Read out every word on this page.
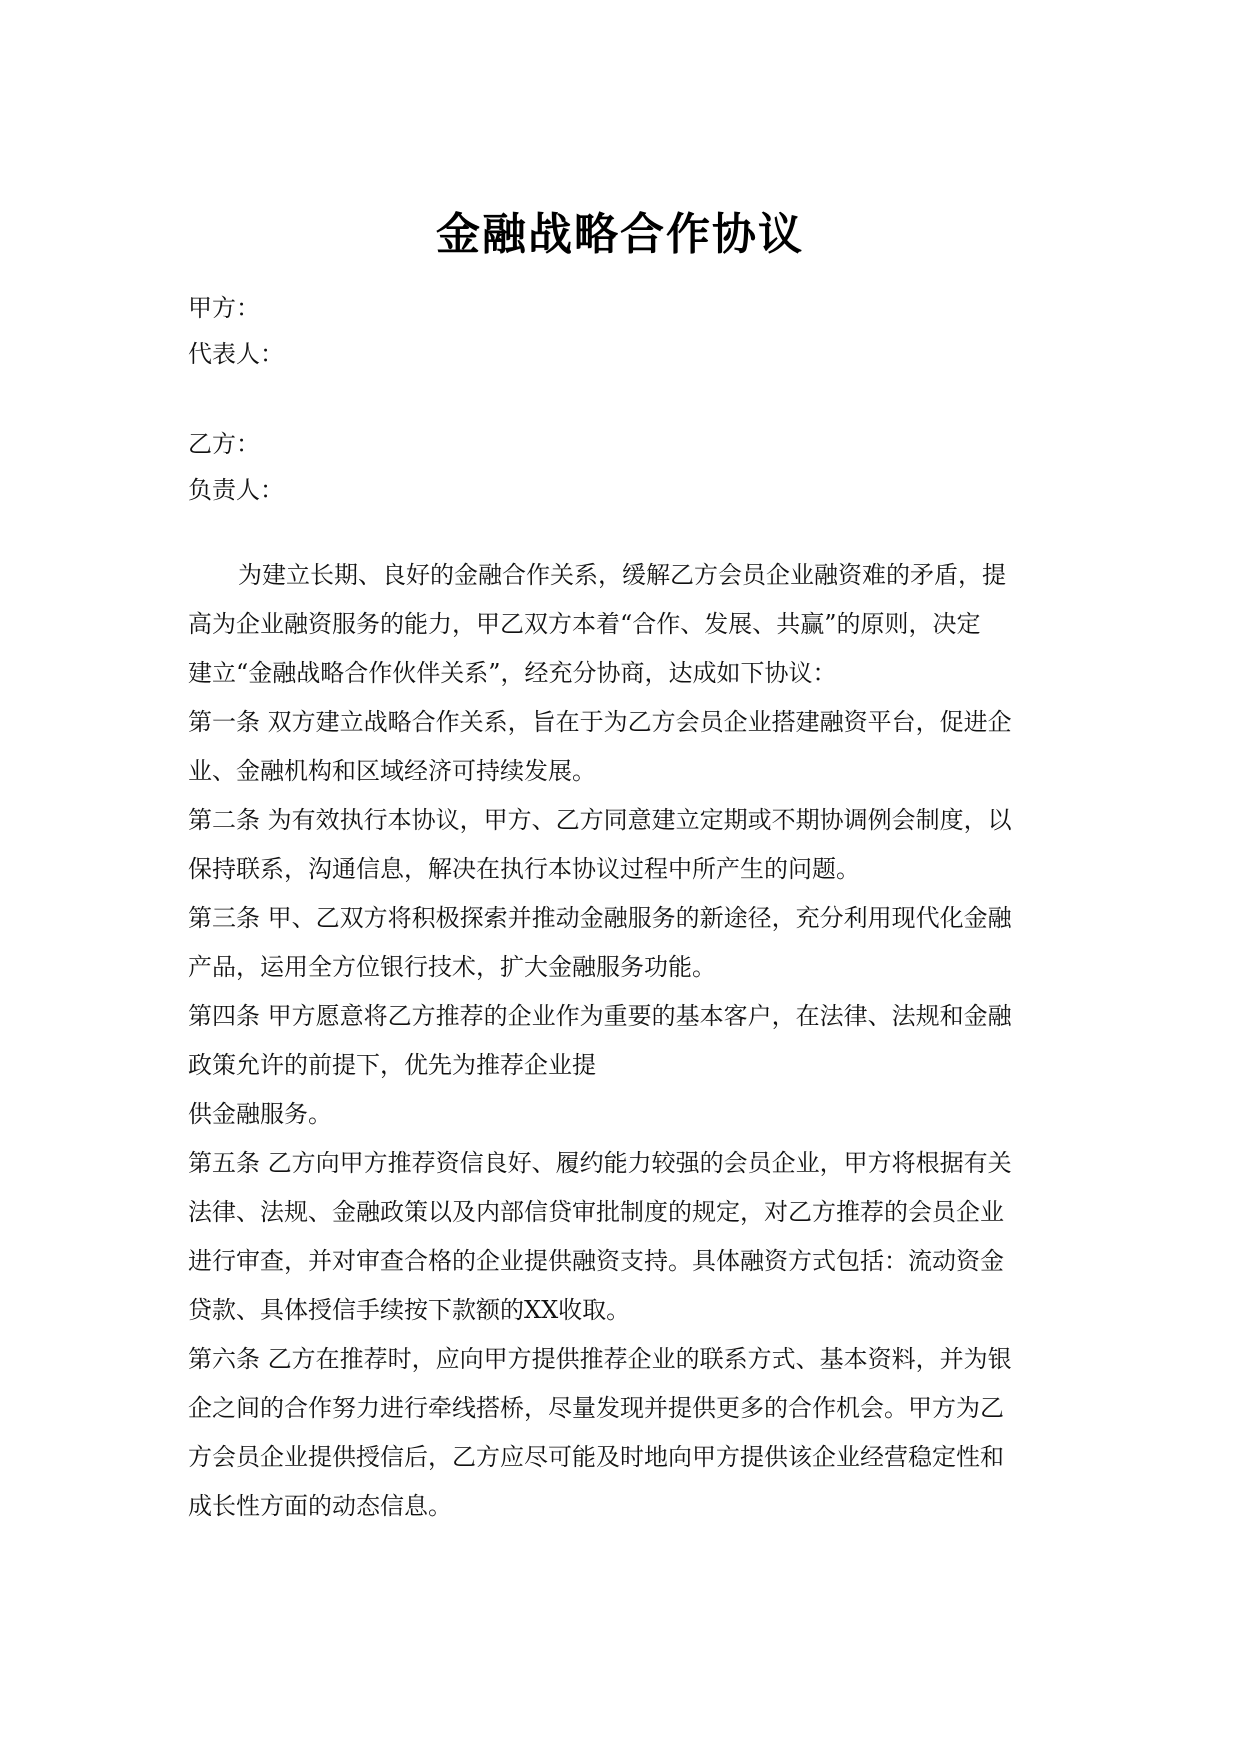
金融战略合作协议
甲方：
代表人：
乙方：
负责人：
为建立长期、良好的金融合作关系，缓解乙方会员企业融资难的矛盾，提
高为企业融资服务的能力，甲乙双方本着“合作、发展、共赢”的原则，决定
建立“金融战略合作伙伴关系”，经充分协商，达成如下协议：
第一条 双方建立战略合作关系，旨在于为乙方会员企业搭建融资平台，促进企
业、金融机构和区域经济可持续发展。
第二条 为有效执行本协议，甲方、乙方同意建立定期或不期协调例会制度，以
保持联系，沟通信息，解决在执行本协议过程中所产生的问题。
第三条 甲、乙双方将积极探索并推动金融服务的新途径，充分利用现代化金融
产品，运用全方位银行技术，扩大金融服务功能。
第四条 甲方愿意将乙方推荐的企业作为重要的基本客户，在法律、法规和金融
政策允许的前提下，优先为推荐企业提
供金融服务。
第五条 乙方向甲方推荐资信良好、履约能力较强的会员企业，甲方将根据有关
法律、法规、金融政策以及内部信贷审批制度的规定，对乙方推荐的会员企业
进行审查，并对审查合格的企业提供融资支持。具体融资方式包括：流动资金
贷款、具体授信手续按下款额的XX收取。
第六条 乙方在推荐时，应向甲方提供推荐企业的联系方式、基本资料，并为银
企之间的合作努力进行牵线搭桥，尽量发现并提供更多的合作机会。甲方为乙
方会员企业提供授信后，乙方应尽可能及时地向甲方提供该企业经营稳定性和
成长性方面的动态信息。
